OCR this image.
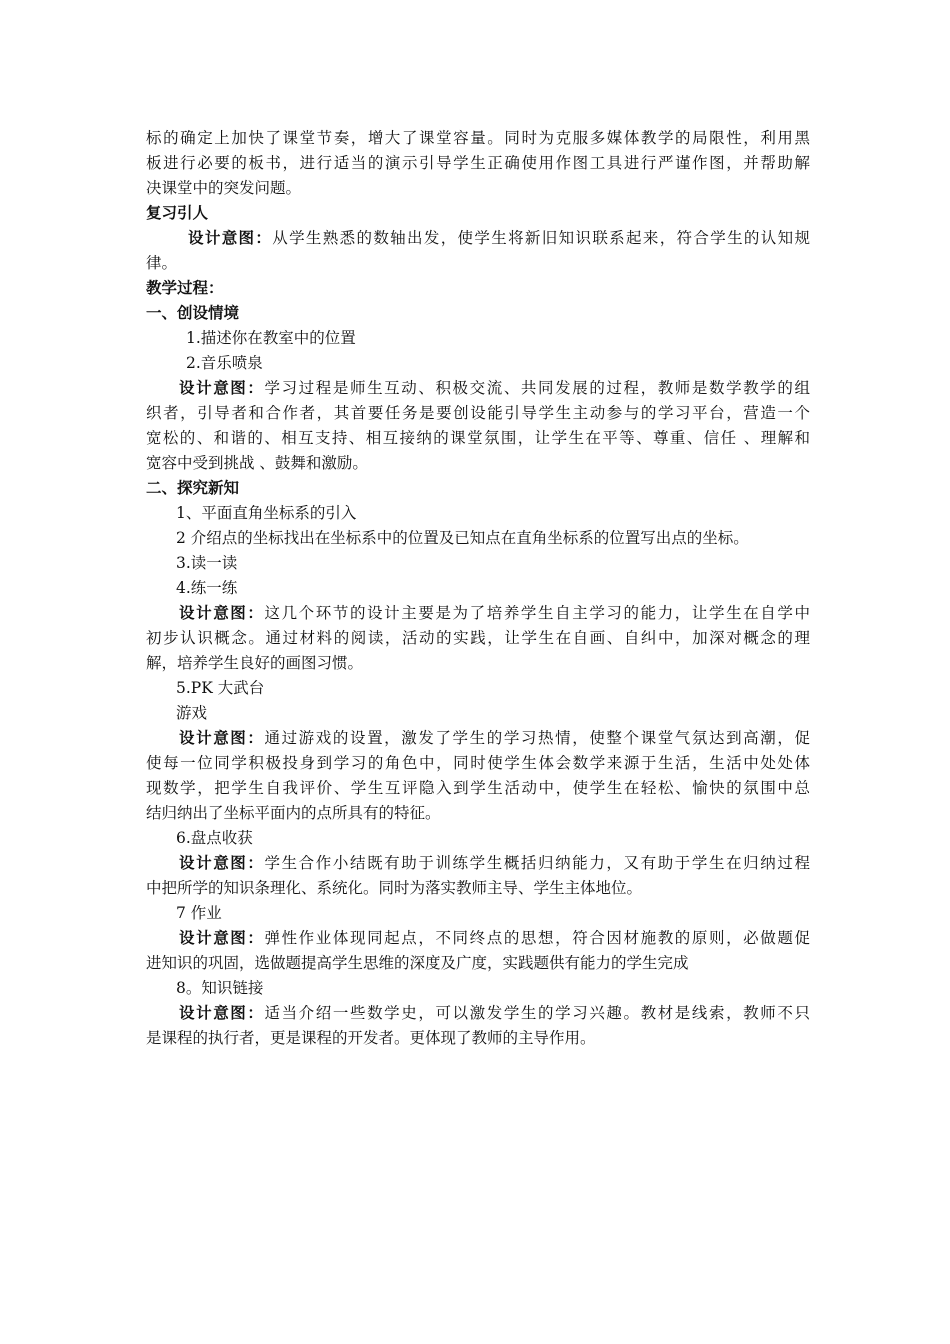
标的确定上加快了课堂节奏，增大了课堂容量。同时为克服多媒体教学的局限性，利用黑
板进行必要的板书，进行适当的演示引导学生正确使用作图工具进行严谨作图，并帮助解
决课堂中的突发问题。
复习引人
设计意图：从学生熟悉的数轴出发，使学生将新旧知识联系起来，符合学生的认知规
律。
教学过程：
一、创设情境
1.描述你在教室中的位置
2.音乐喷泉
设计意图：学习过程是师生互动、积极交流、共同发展的过程，教师是数学教学的组
织者，引导者和合作者，其首要任务是要创设能引导学生主动参与的学习平台，营造一个
宽松的、和谐的、相互支持、相互接纳的课堂氛围，让学生在平等、尊重、信任 、理解和
宽容中受到挑战 、鼓舞和激励。
二、探究新知
1、平面直角坐标系的引入
2 介绍点的坐标找出在坐标系中的位置及已知点在直角坐标系的位置写出点的坐标。
3.读一读
4.练一练
设计意图：这几个环节的设计主要是为了培养学生自主学习的能力，让学生在自学中
初步认识概念。通过材料的阅读，活动的实践，让学生在自画、自纠中，加深对概念的理
解，培养学生良好的画图习惯。
5.PK 大武台
游戏
设计意图：通过游戏的设置，激发了学生的学习热情，使整个课堂气氛达到高潮，促
使每一位同学积极投身到学习的角色中，同时使学生体会数学来源于生活，生活中处处体
现数学，把学生自我评价、学生互评隐入到学生活动中，使学生在轻松、愉快的氛围中总
结归纳出了坐标平面内的点所具有的特征。
6.盘点收获
设计意图：学生合作小结既有助于训练学生概括归纳能力，又有助于学生在归纳过程
中把所学的知识条理化、系统化。同时为落实教师主导、学生主体地位。
7 作业
设计意图：弹性作业体现同起点，不同终点的思想，符合因材施教的原则，必做题促
进知识的巩固，选做题提高学生思维的深度及广度，实践题供有能力的学生完成
8。知识链接
设计意图：适当介绍一些数学史，可以激发学生的学习兴趣。教材是线索，教师不只
是课程的执行者，更是课程的开发者。更体现了教师的主导作用。
